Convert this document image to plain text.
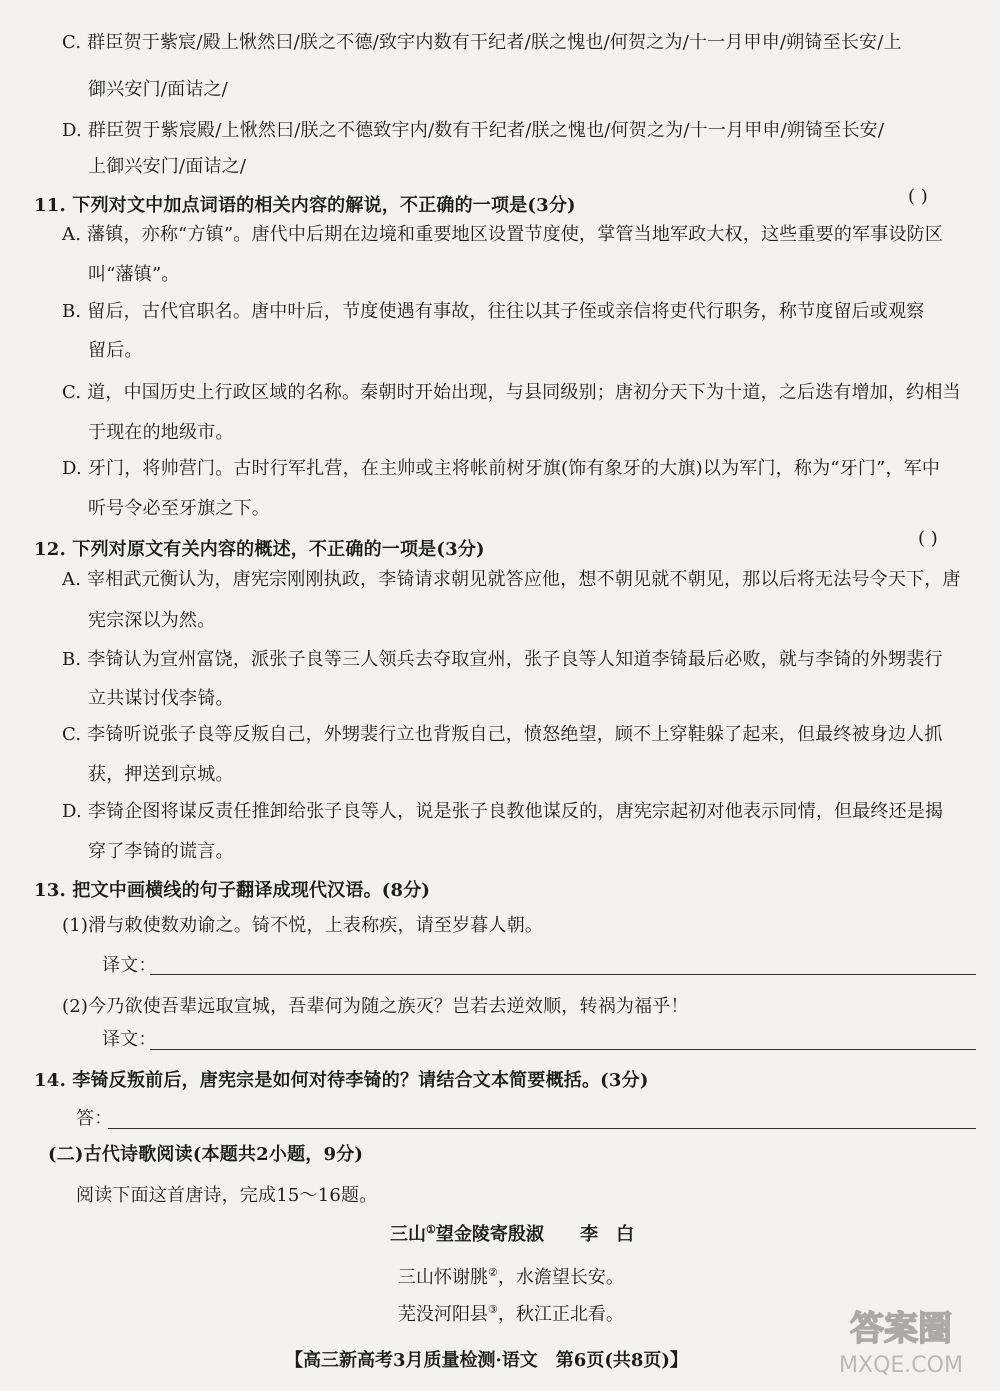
C. 群臣贺于紫宸/殿上愀然曰/朕之不德/致宇内数有干纪者/朕之愧也/何贺之为/十一月甲申/朔锜至长安/上
御兴安门/面诘之/
D. 群臣贺于紫宸殿/上愀然曰/朕之不德致宇内/数有干纪者/朕之愧也/何贺之为/十一月甲申/朔锜至长安/
上御兴安门/面诘之/
11. 下列对文中加点词语的相关内容的解说，不正确的一项是(3分)	( )
A. 藩镇，亦称“方镇”。唐代中后期在边境和重要地区设置节度使，掌管当地军政大权，这些重要的军事设防区
叫“藩镇”。
B. 留后，古代官职名。唐中叶后，节度使遇有事故，往往以其子侄或亲信将吏代行职务，称节度留后或观察
留后。
C. 道，中国历史上行政区域的名称。秦朝时开始出现，与县同级别；唐初分天下为十道，之后迭有增加，约相当
于现在的地级市。
D. 牙门，将帅营门。古时行军扎营，在主帅或主将帐前树牙旗(饰有象牙的大旗)以为军门，称为“牙门”，军中
听号令必至牙旗之下。
12. 下列对原文有关内容的概述，不正确的一项是(3分)
( )
A. 宰相武元衡认为，唐宪宗刚刚执政，李锜请求朝见就答应他，想不朝见就不朝见，那以后将无法号令天下，唐
宪宗深以为然。
B. 李锜认为宣州富饶，派张子良等三人领兵去夺取宣州，张子良等人知道李锜最后必败，就与李锜的外甥裴行
立共谋讨伐李锜。
C. 李锜听说张子良等反叛自己，外甥裴行立也背叛自己，愤怒绝望，顾不上穿鞋躲了起来，但最终被身边人抓
获，押送到京城。
D. 李锜企图将谋反责任推卸给张子良等人，说是张子良教他谋反的，唐宪宗起初对他表示同情，但最终还是揭
穿了李锜的谎言。
13. 把文中画横线的句子翻译成现代汉语。(8分)
(1)滑与敕使数劝谕之。锜不悦，上表称疾，请至岁暮人朝。
译文：
(2)今乃欲使吾辈远取宣城，吾辈何为随之族灭？岂若去逆效顺，转祸为福乎！
译文：
14. 李锜反叛前后，唐宪宗是如何对待李锜的？请结合文本简要概括。(3分)
答：
(二)古代诗歌阅读(本题共2小题，9分)
阅读下面这首唐诗，完成15～16题。
三山①望金陵寄殷淑 李　白
三山怀谢朓②，水澹望长安。
芜没河阳县③，秋江正北看。
【高三新高考3月质量检测·语文　第6页(共8页)】
答案圈
MXQE.COM
